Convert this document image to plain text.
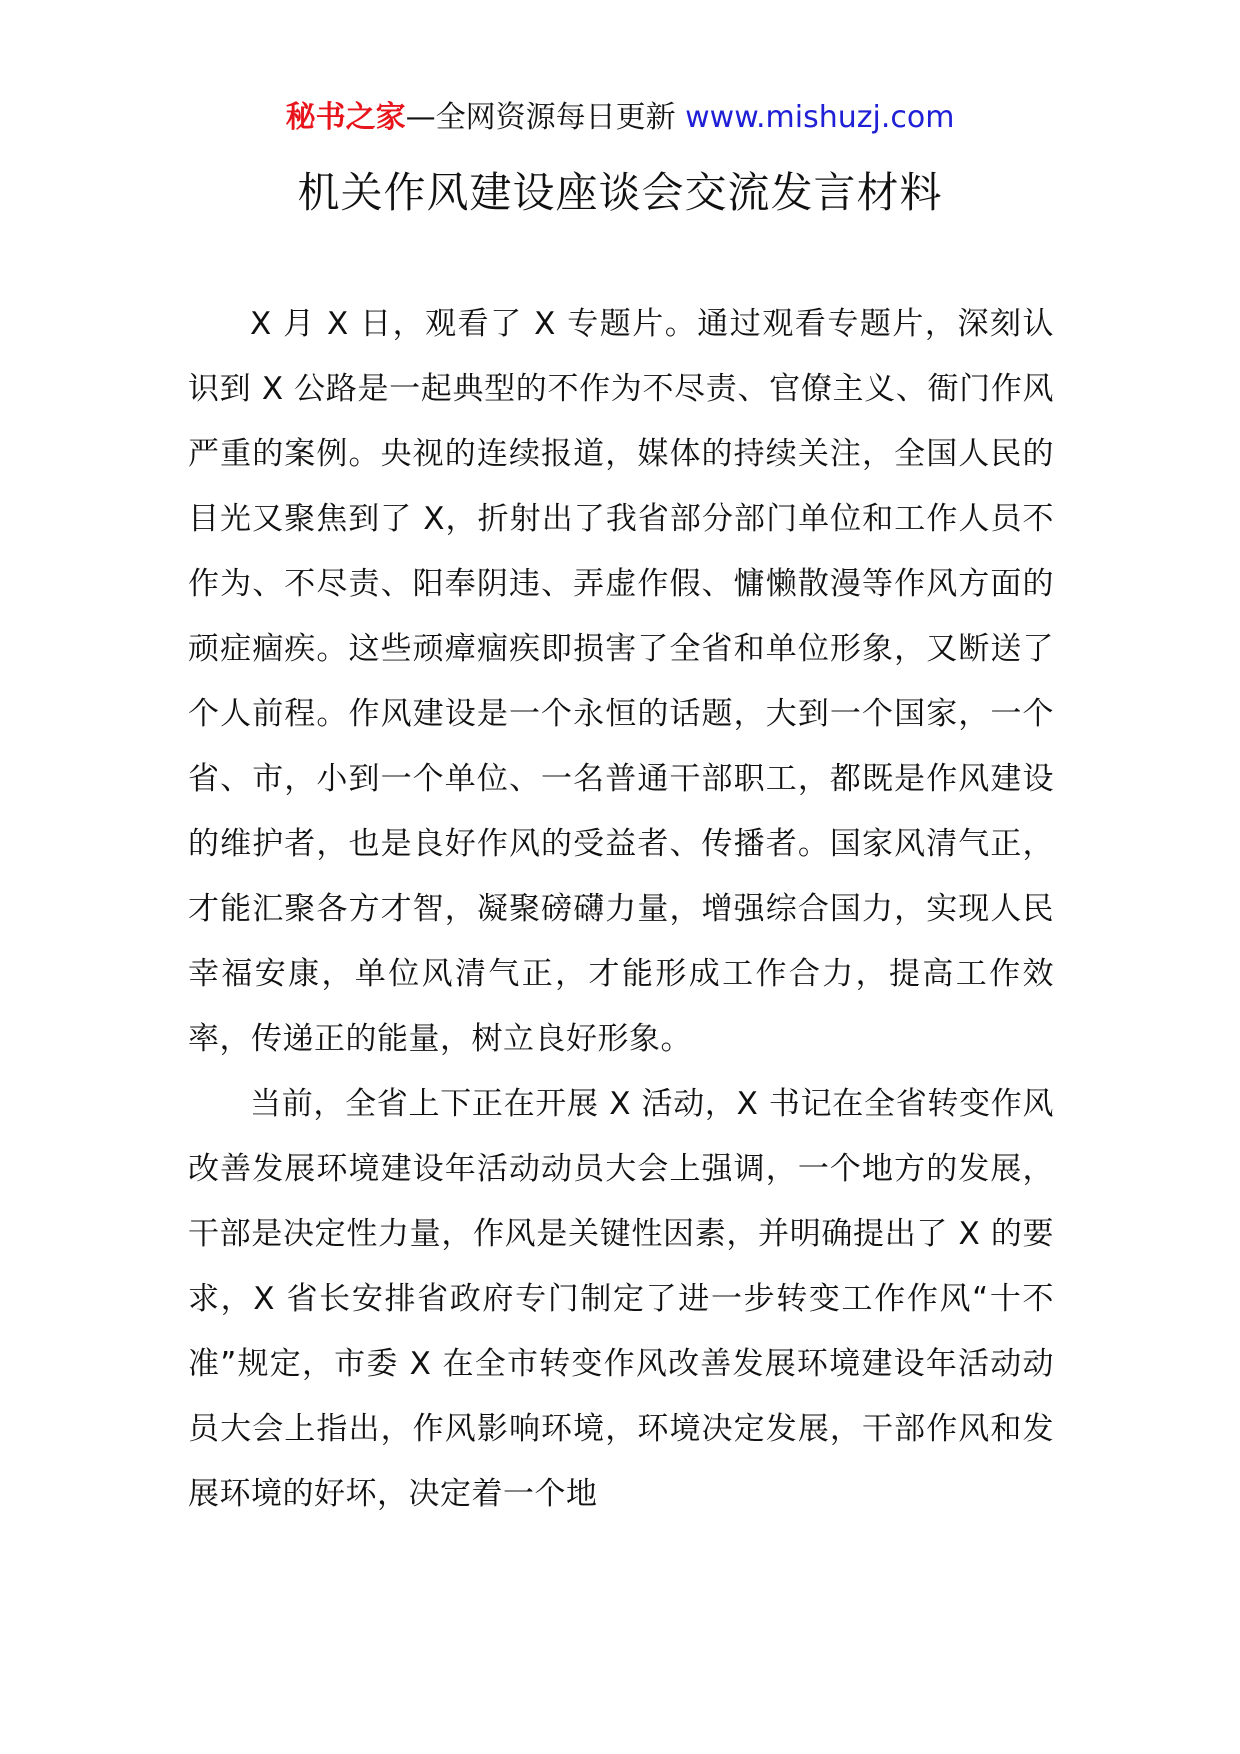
秘书之家—全网资源每日更新 www.mishuzj.com
机关作风建设座谈会交流发言材料

X 月 X 日，观看了 X 专题片。通过观看专题片，深刻认识到 X 公路是一起典型的不作为不尽责、官僚主义、衙门作风严重的案例。央视的连续报道，媒体的持续关注，全国人民的目光又聚焦到了 X，折射出了我省部分部门单位和工作人员不作为、不尽责、阳奉阴违、弄虚作假、慵懒散漫等作风方面的顽症痼疾。这些顽瘴痼疾即损害了全省和单位形象，又断送了个人前程。作风建设是一个永恒的话题，大到一个国家，一个省、市，小到一个单位、一名普通干部职工，都既是作风建设的维护者，也是良好作风的受益者、传播者。国家风清气正，才能汇聚各方才智，凝聚磅礴力量，增强综合国力，实现人民幸福安康，单位风清气正，才能形成工作合力，提高工作效率，传递正的能量，树立良好形象。

当前，全省上下正在开展 X 活动，X 书记在全省转变作风改善发展环境建设年活动动员大会上强调，一个地方的发展，干部是决定性力量，作风是关键性因素，并明确提出了 X 的要求，X 省长安排省政府专门制定了进一步转变工作作风“十不准”规定，市委 X 在全市转变作风改善发展环境建设年活动动员大会上指出，作风影响环境，环境决定发展，干部作风和发展环境的好坏，决定着一个地
